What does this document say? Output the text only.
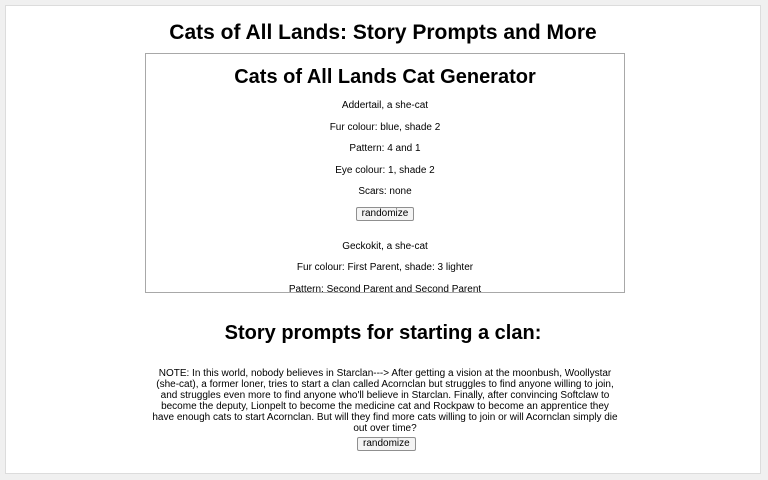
Cats of All Lands: Story Prompts and More
Cats of All Lands Cat Generator
Addertail, a she-cat
Fur colour: blue, shade 2
Pattern: 4 and 1
Eye colour: 1, shade 2
Scars: none
randomize
Geckokit, a she-cat
Fur colour: First Parent, shade: 3 lighter
Pattern: Second Parent and Second Parent
Story prompts for starting a clan:

NOTE: In this world, nobody believes in Starclan---> After getting a vision at the moonbush, Woollystar (she-cat), a former loner, tries to start a clan called Acornclan but struggles to find anyone willing to join, and struggles even more to find anyone who'll believe in Starclan. Finally, after convincing Softclaw to become the deputy, Lionpelt to become the medicine cat and Rockpaw to become an apprentice they have enough cats to start Acornclan. But will they find more cats willing to join or will Acornclan simply die out over time?

randomize
